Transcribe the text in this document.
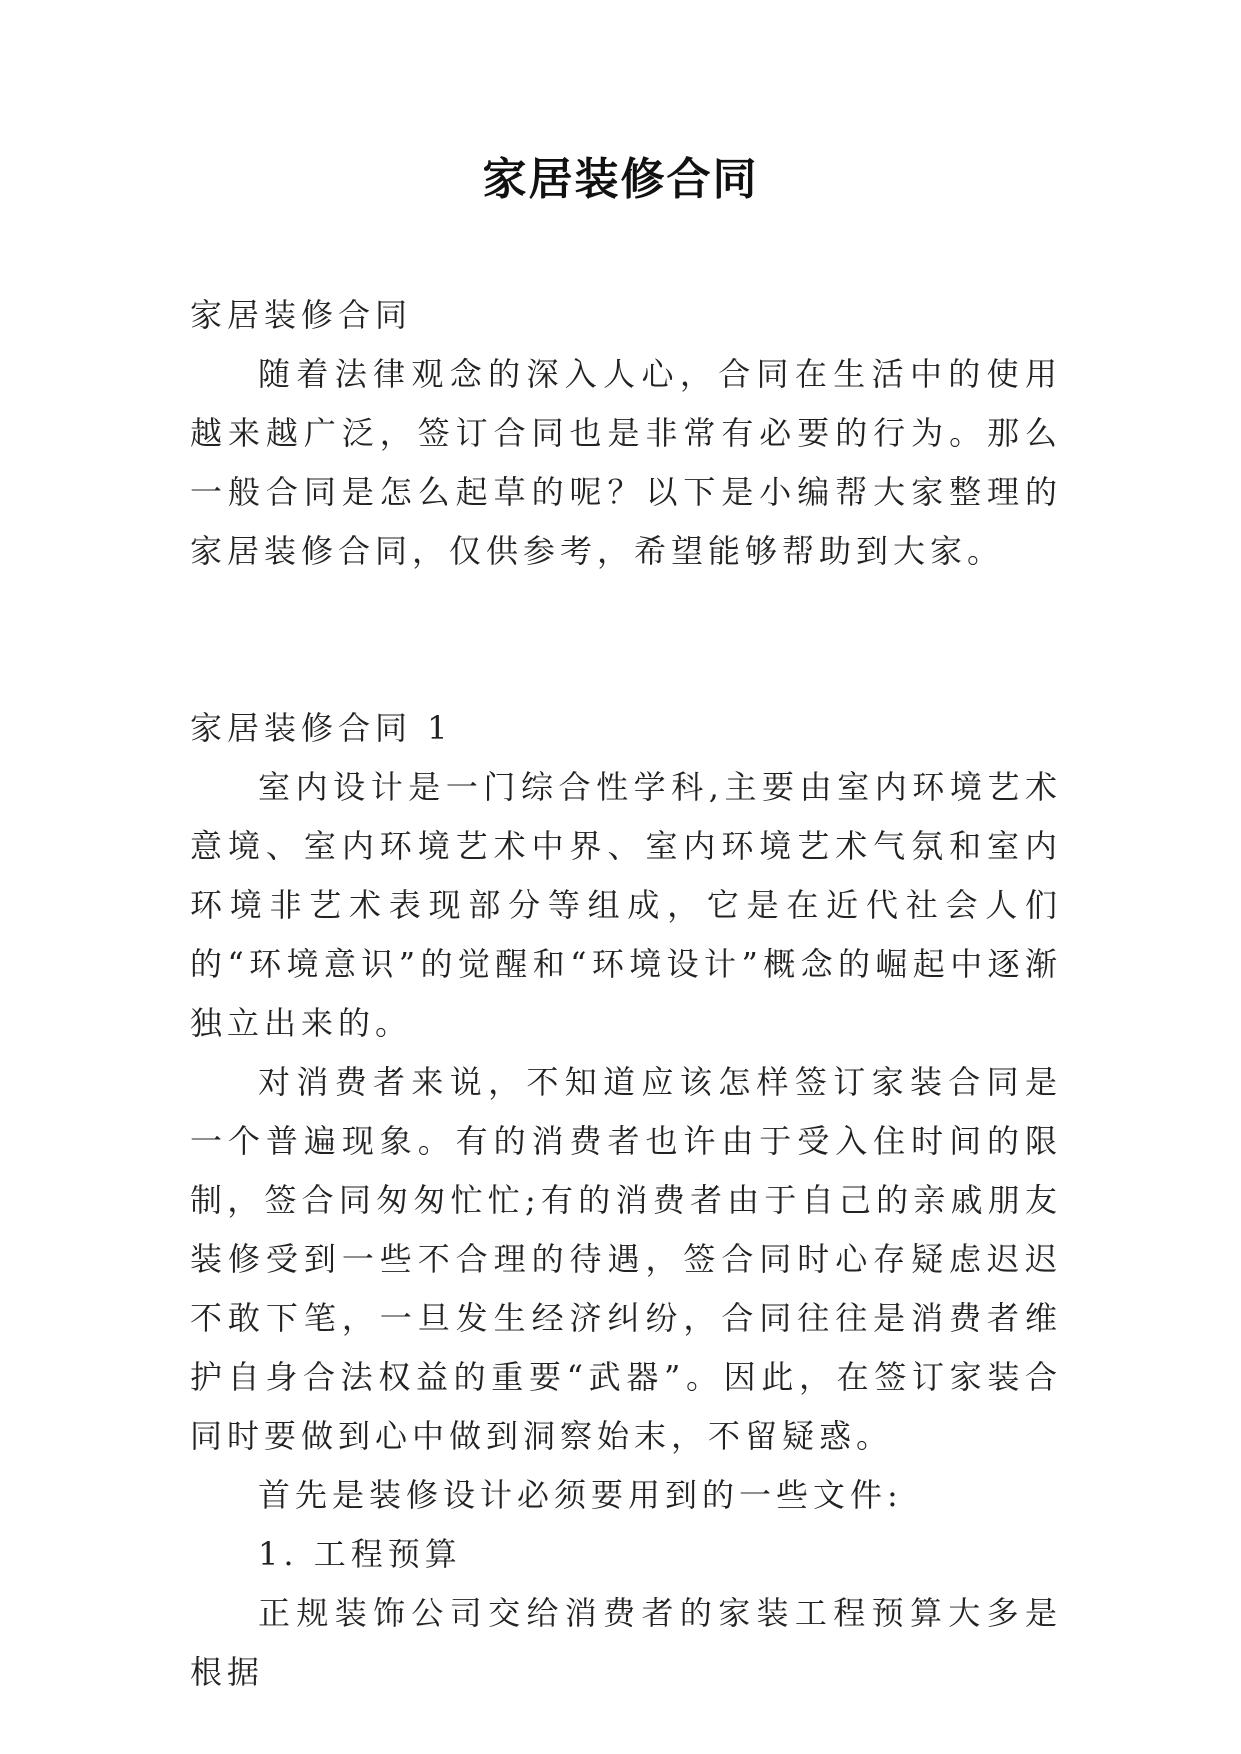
家居装修合同

家居装修合同

随着法律观念的深入人心，合同在生活中的使用越来越广泛，签订合同也是非常有必要的行为。那么一般合同是怎么起草的呢？以下是小编帮大家整理的家居装修合同，仅供参考，希望能够帮助到大家。

家居装修合同 1

室内设计是一门综合性学科,主要由室内环境艺术意境、室内环境艺术中界、室内环境艺术气氛和室内环境非艺术表现部分等组成，它是在近代社会人们的“环境意识”的觉醒和“环境设计”概念的崛起中逐渐独立出来的。

对消费者来说，不知道应该怎样签订家装合同是一个普遍现象。有的消费者也许由于受入住时间的限制，签合同匆匆忙忙;有的消费者由于自己的亲戚朋友装修受到一些不合理的待遇，签合同时心存疑虑迟迟不敢下笔，一旦发生经济纠纷，合同往往是消费者维护自身合法权益的重要“武器”。因此，在签订家装合同时要做到心中做到洞察始末，不留疑惑。

首先是装修设计必须要用到的一些文件:

1. 工程预算

正规装饰公司交给消费者的家装工程预算大多是根据
